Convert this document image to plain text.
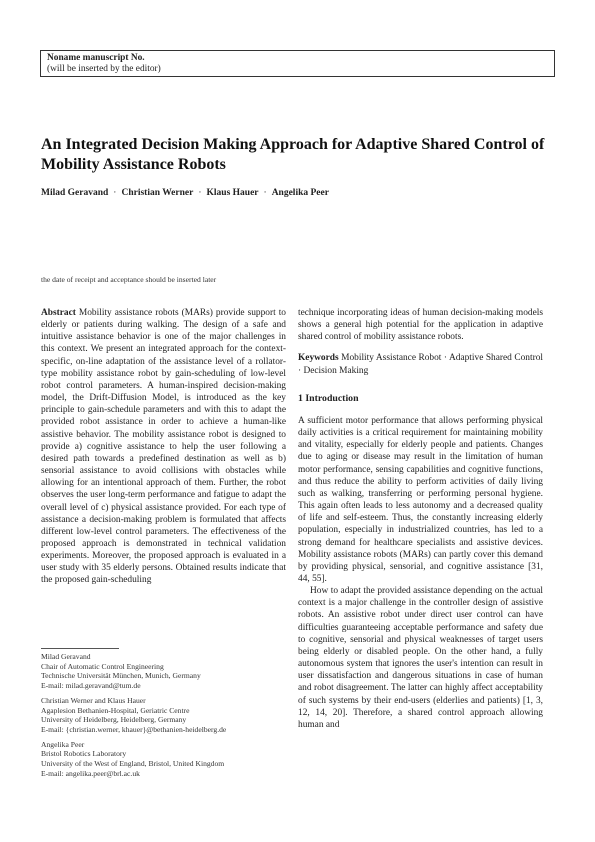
Noname manuscript No.
(will be inserted by the editor)
An Integrated Decision Making Approach for Adaptive Shared Control of Mobility Assistance Robots
Milad Geravand · Christian Werner · Klaus Hauer · Angelika Peer
the date of receipt and acceptance should be inserted later

Abstract Mobility assistance robots (MARs) provide support to elderly or patients during walking. The design of a safe and intuitive assistance behavior is one of the major challenges in this context. We present an integrated approach for the context-specific, on-line adaptation of the assistance level of a rollator-type mobility assistance robot by gain-scheduling of low-level robot control parameters. A human-inspired decision-making model, the Drift-Diffusion Model, is introduced as the key principle to gain-schedule parameters and with this to adapt the provided robot assistance in order to achieve a human-like assistive behavior. The mobility assistance robot is designed to provide a) cognitive assistance to help the user following a desired path towards a predefined destination as well as b) sensorial assistance to avoid collisions with obstacles while allowing for an intentional approach of them. Further, the robot observes the user long-term performance and fatigue to adapt the overall level of c) physical assistance provided. For each type of assistance a decision-making problem is formulated that affects different low-level control parameters. The effectiveness of the proposed approach is demonstrated in technical validation experiments. Moreover, the proposed approach is evaluated in a user study with 35 elderly persons. Obtained results indicate that the proposed gain-scheduling

technique incorporating ideas of human decision-making models shows a general high potential for the application in adaptive shared control of mobility assistance robots.

Keywords Mobility Assistance Robot · Adaptive Shared Control · Decision Making

1 Introduction

A sufficient motor performance that allows performing physical daily activities is a critical requirement for maintaining mobility and vitality, especially for elderly people and patients. Changes due to aging or disease may result in the limitation of human motor performance, sensing capabilities and cognitive functions, and thus reduce the ability to perform activities of daily living such as walking, transferring or performing personal hygiene. This again often leads to less autonomy and a decreased quality of life and self-esteem. Thus, the constantly increasing elderly population, especially in industrialized countries, has led to a strong demand for healthcare specialists and assistive devices. Mobility assistance robots (MARs) can partly cover this demand by providing physical, sensorial, and cognitive assistance [31, 44, 55].

How to adapt the provided assistance depending on the actual context is a major challenge in the controller design of assistive robots. An assistive robot under direct user control can have difficulties guaranteeing acceptable performance and safety due to cognitive, sensorial and physical weaknesses of target users being elderly or disabled people. On the other hand, a fully autonomous system that ignores the user's intention can result in user dissatisfaction and dangerous situations in case of human and robot disagreement. The latter can highly affect acceptability of such systems by their end-users (elderlies and patients) [1, 3, 12, 14, 20]. Therefore, a shared control approach allowing human and

Milad Geravand
Chair of Automatic Control Engineering
Technische Universität München, Munich, Germany
E-mail: milad.geravand@tum.de
Christian Werner and Klaus Hauer
Agaplesion Bethanien-Hospital, Geriatric Centre
University of Heidelberg, Heidelberg, Germany
E-mail: {christian.werner, khauer}@bethanien-heidelberg.de
Angelika Peer
Bristol Robotics Laboratory
University of the West of England, Bristol, United Kingdom
E-mail: angelika.peer@brl.ac.uk
